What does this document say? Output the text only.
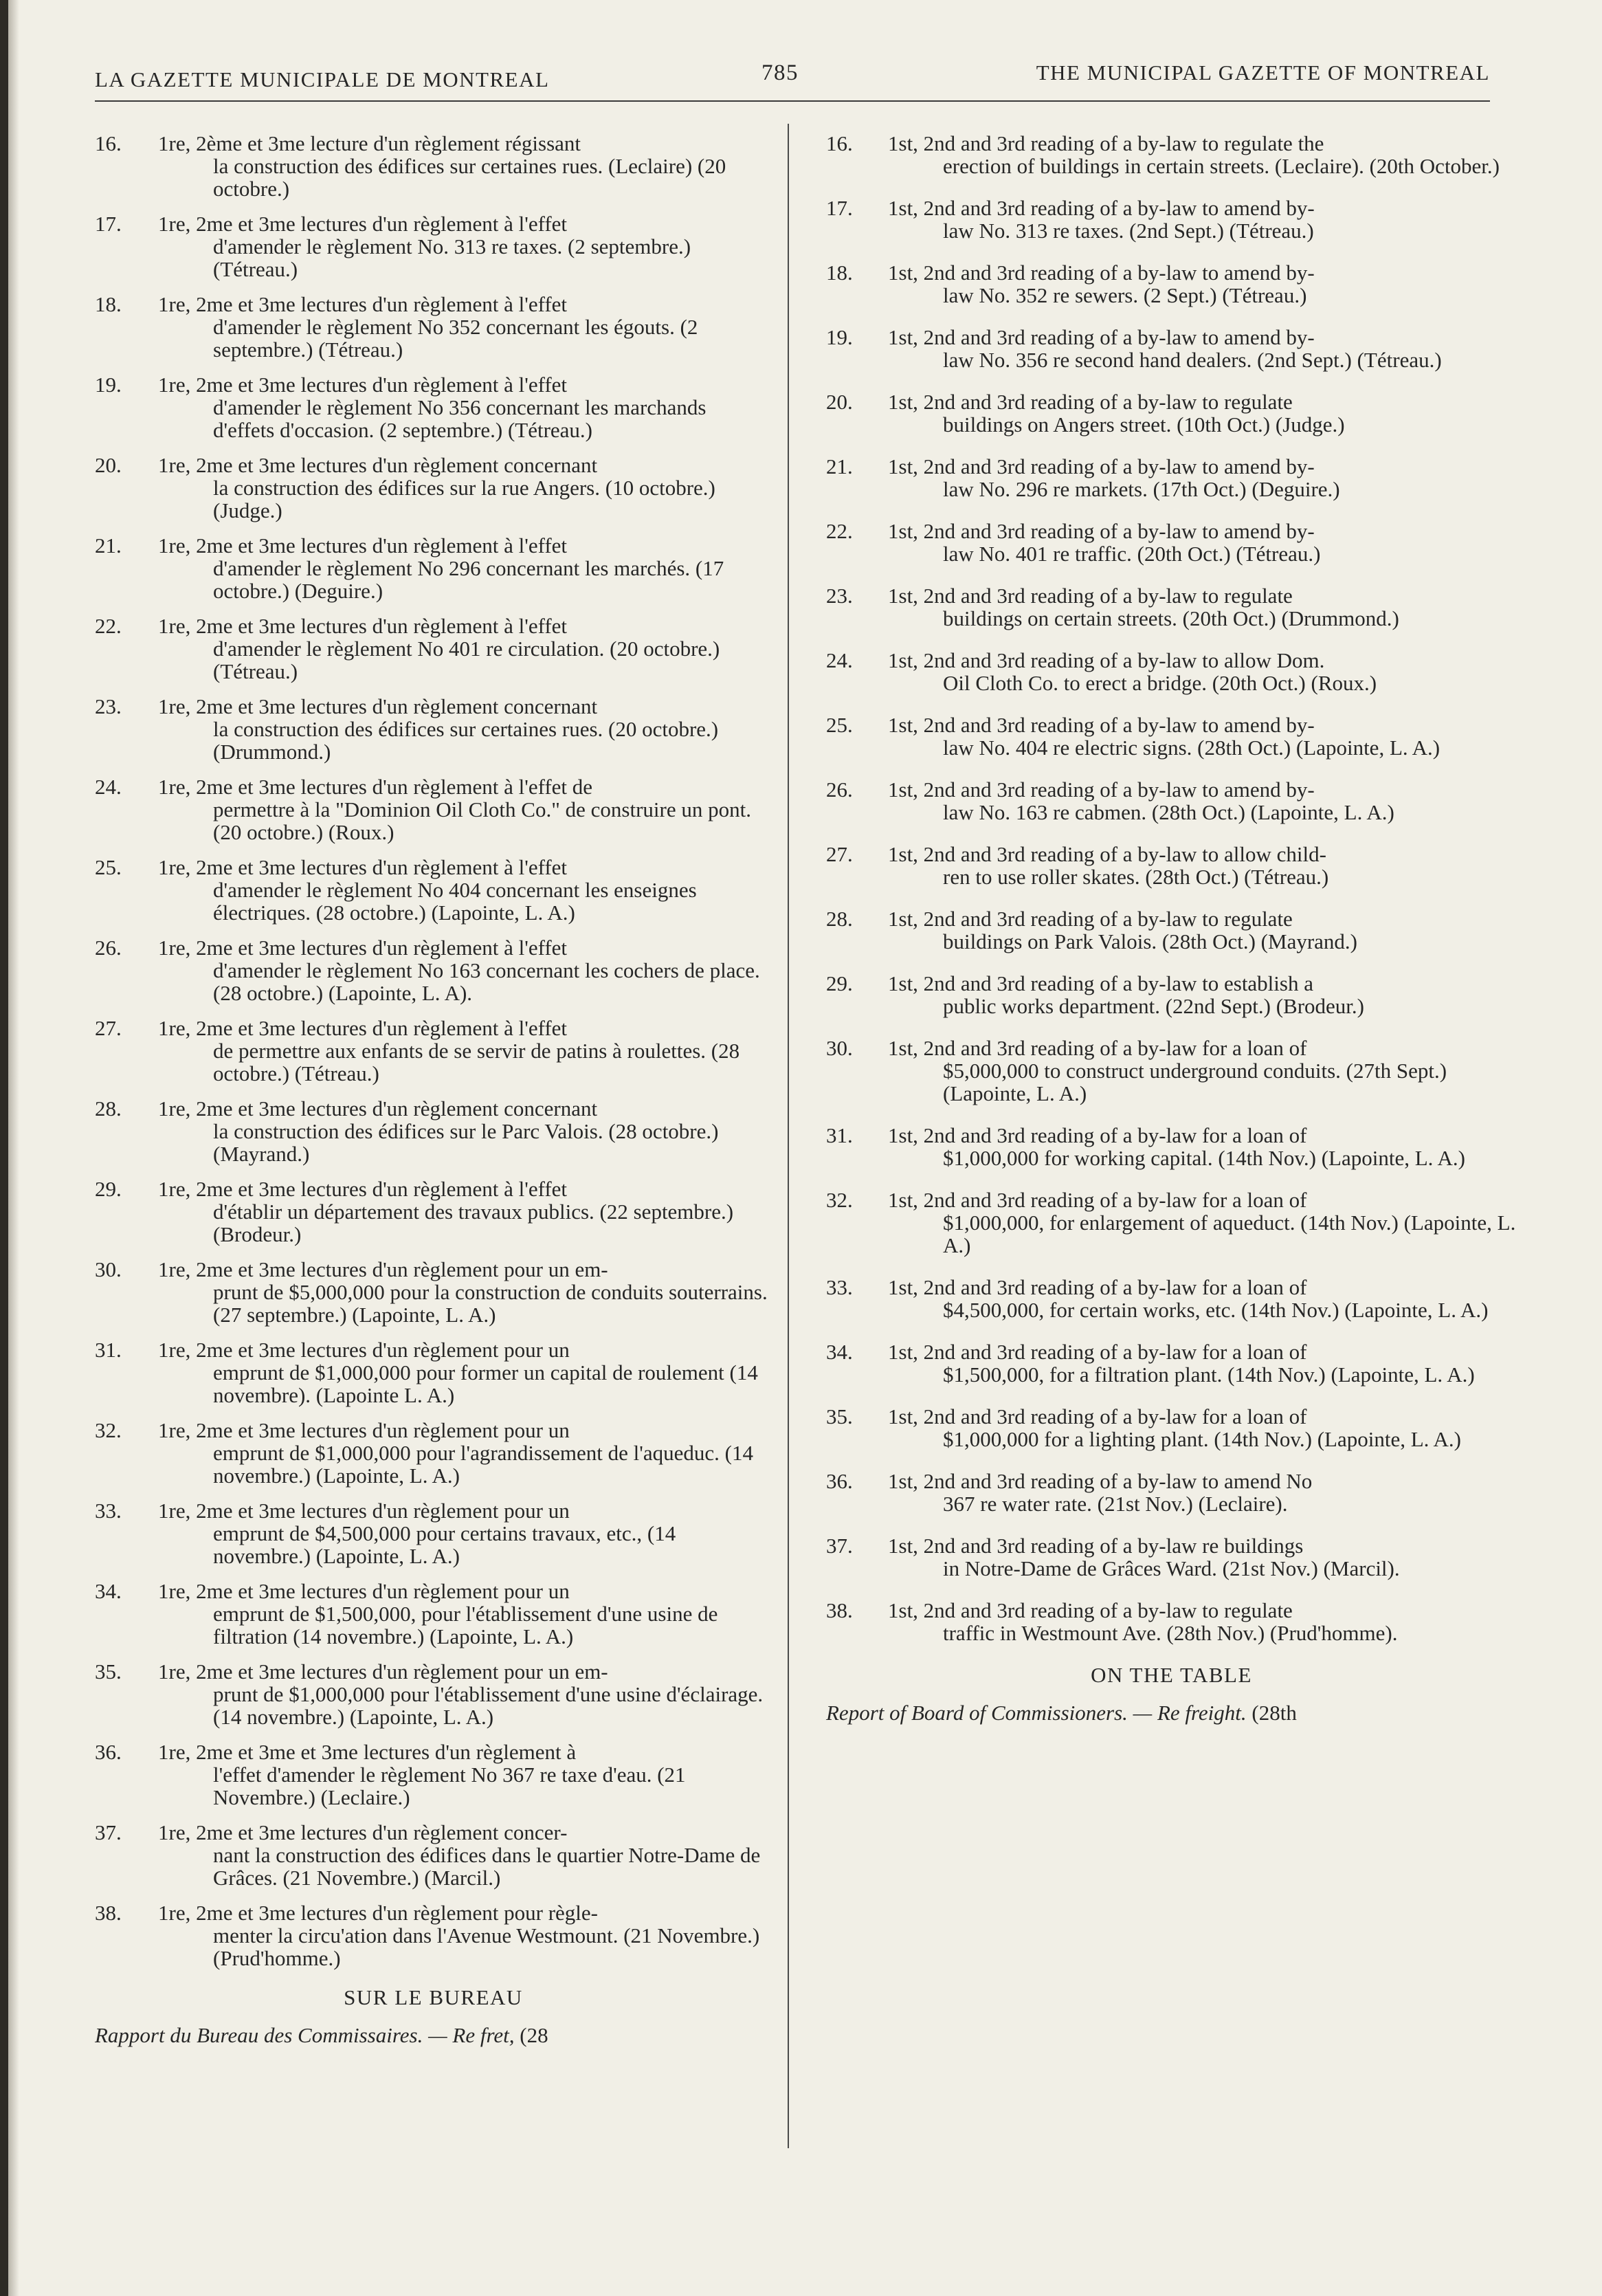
LA GAZETTE MUNICIPALE DE MONTREAL	785	THE MUNICIPAL GAZETTE OF MONTREAL
16.	1re, 2ème et 3me lecture d'un règlement régissant
la construction des édifices sur certaines rues. (Leclaire) (20 octobre.)
17.	1re, 2me et 3me lectures d'un règlement à l'effet
d'amender le règlement No. 313 re taxes. (2 septembre.) (Tétreau.)
18.	1re, 2me et 3me lectures d'un règlement à l'effet
d'amender le règlement No 352 concernant les égouts. (2 septembre.) (Tétreau.)
19.	1re, 2me et 3me lectures d'un règlement à l'effet
d'amender le règlement No 356 concernant les marchands d'effets d'occasion. (2 septembre.) (Tétreau.)
20.	1re, 2me et 3me lectures d'un règlement concernant
la construction des édifices sur la rue Angers. (10 octobre.) (Judge.)
21.	1re, 2me et 3me lectures d'un règlement à l'effet
d'amender le règlement No 296 concernant les marchés. (17 octobre.) (Deguire.)
22.	1re, 2me et 3me lectures d'un règlement à l'effet
d'amender le règlement No 401 re circulation. (20 octobre.) (Tétreau.)
23.	1re, 2me et 3me lectures d'un règlement concernant
la construction des édifices sur certaines rues. (20 octobre.) (Drummond.)
24.	1re, 2me et 3me lectures d'un règlement à l'effet de
permettre à la "Dominion Oil Cloth Co." de construire un pont. (20 octobre.) (Roux.)
25.	1re, 2me et 3me lectures d'un règlement à l'effet
d'amender le règlement No 404 concernant les enseignes électriques. (28 octobre.) (Lapointe, L. A.)
26.	1re, 2me et 3me lectures d'un règlement à l'effet
d'amender le règlement No 163 concernant les cochers de place. (28 octobre.) (Lapointe, L. A).
27.	1re, 2me et 3me lectures d'un règlement à l'effet
de permettre aux enfants de se servir de patins à roulettes. (28 octobre.) (Tétreau.)
28.	1re, 2me et 3me lectures d'un règlement concernant
la construction des édifices sur le Parc Valois. (28 octobre.) (Mayrand.)
29.	1re, 2me et 3me lectures d'un règlement à l'effet
d'établir un département des travaux publics. (22 septembre.) (Brodeur.)
30.	1re, 2me et 3me lectures d'un règlement pour un em-
prunt de $5,000,000 pour la construction de conduits souterrains. (27 septembre.) (Lapointe, L. A.)
31.	1re, 2me et 3me lectures d'un règlement pour un
emprunt de $1,000,000 pour former un capital de roulement (14 novembre). (Lapointe L. A.)
32.	1re, 2me et 3me lectures d'un règlement pour un
emprunt de $1,000,000 pour l'agrandissement de l'aqueduc. (14 novembre.) (Lapointe, L. A.)
33.	1re, 2me et 3me lectures d'un règlement pour un
emprunt de $4,500,000 pour certains travaux, etc., (14 novembre.) (Lapointe, L. A.)
34.	1re, 2me et 3me lectures d'un règlement pour un
emprunt de $1,500,000, pour l'établissement d'une usine de filtration (14 novembre.) (Lapointe, L. A.)
35.	1re, 2me et 3me lectures d'un règlement pour un em-
prunt de $1,000,000 pour l'établissement d'une usine d'éclairage. (14 novembre.) (Lapointe, L. A.)
36.	1re, 2me et 3me et 3me lectures d'un règlement à
l'effet d'amender le règlement No 367 re taxe d'eau. (21 Novembre.) (Leclaire.)
37.	1re, 2me et 3me lectures d'un règlement concer-
nant la construction des édifices dans le quartier Notre-Dame de Grâces. (21 Novembre.) (Marcil.)
38.	1re, 2me et 3me lectures d'un règlement pour règle-
menter la circu'ation dans l'Avenue Westmount. (21 Novembre.) (Prud'homme.)
SUR LE BUREAU
Rapport du Bureau des Commissaires. — Re fret, (28
16.	1st, 2nd and 3rd reading of a by-law to regulate the
erection of buildings in certain streets. (Leclaire). (20th October.)
17.	1st, 2nd and 3rd reading of a by-law to amend by-
law No. 313 re taxes. (2nd Sept.) (Tétreau.)
18.	1st, 2nd and 3rd reading of a by-law to amend by-
law No. 352 re sewers. (2 Sept.) (Tétreau.)
19.	1st, 2nd and 3rd reading of a by-law to amend by-
law No. 356 re second hand dealers. (2nd Sept.) (Tétreau.)
20.	1st, 2nd and 3rd reading of a by-law to regulate
buildings on Angers street. (10th Oct.) (Judge.)
21.	1st, 2nd and 3rd reading of a by-law to amend by-
law No. 296 re markets. (17th Oct.) (Deguire.)
22.	1st, 2nd and 3rd reading of a by-law to amend by-
law No. 401 re traffic. (20th Oct.) (Tétreau.)
23.	1st, 2nd and 3rd reading of a by-law to regulate
buildings on certain streets. (20th Oct.) (Drummond.)
24.	1st, 2nd and 3rd reading of a by-law to allow Dom.
Oil Cloth Co. to erect a bridge. (20th Oct.) (Roux.)
25.	1st, 2nd and 3rd reading of a by-law to amend by-
law No. 404 re electric signs. (28th Oct.) (Lapointe, L. A.)
26.	1st, 2nd and 3rd reading of a by-law to amend by-
law No. 163 re cabmen. (28th Oct.) (Lapointe, L. A.)
27.	1st, 2nd and 3rd reading of a by-law to allow child-
ren to use roller skates. (28th Oct.) (Tétreau.)
28.	1st, 2nd and 3rd reading of a by-law to regulate
buildings on Park Valois. (28th Oct.) (Mayrand.)
29.	1st, 2nd and 3rd reading of a by-law to establish a
public works department. (22nd Sept.) (Brodeur.)
30.	1st, 2nd and 3rd reading of a by-law for a loan of
$5,000,000 to construct underground conduits. (27th Sept.) (Lapointe, L. A.)
31.	1st, 2nd and 3rd reading of a by-law for a loan of
$1,000,000 for working capital. (14th Nov.) (Lapointe, L. A.)
32.	1st, 2nd and 3rd reading of a by-law for a loan of
$1,000,000, for enlargement of aqueduct. (14th Nov.) (Lapointe, L. A.)
33.	1st, 2nd and 3rd reading of a by-law for a loan of
$4,500,000, for certain works, etc. (14th Nov.) (Lapointe, L. A.)
34.	1st, 2nd and 3rd reading of a by-law for a loan of
$1,500,000, for a filtration plant. (14th Nov.) (Lapointe, L. A.)
35.	1st, 2nd and 3rd reading of a by-law for a loan of
$1,000,000 for a lighting plant. (14th Nov.) (Lapointe, L. A.)
36.	1st, 2nd and 3rd reading of a by-law to amend No
367 re water rate. (21st Nov.) (Leclaire).
37.	1st, 2nd and 3rd reading of a by-law re buildings
in Notre-Dame de Grâces Ward. (21st Nov.) (Marcil).
38.	1st, 2nd and 3rd reading of a by-law to regulate
traffic in Westmount Ave. (28th Nov.) (Prud'homme).
ON THE TABLE
Report of Board of Commissioners. — Re freight. (28th
